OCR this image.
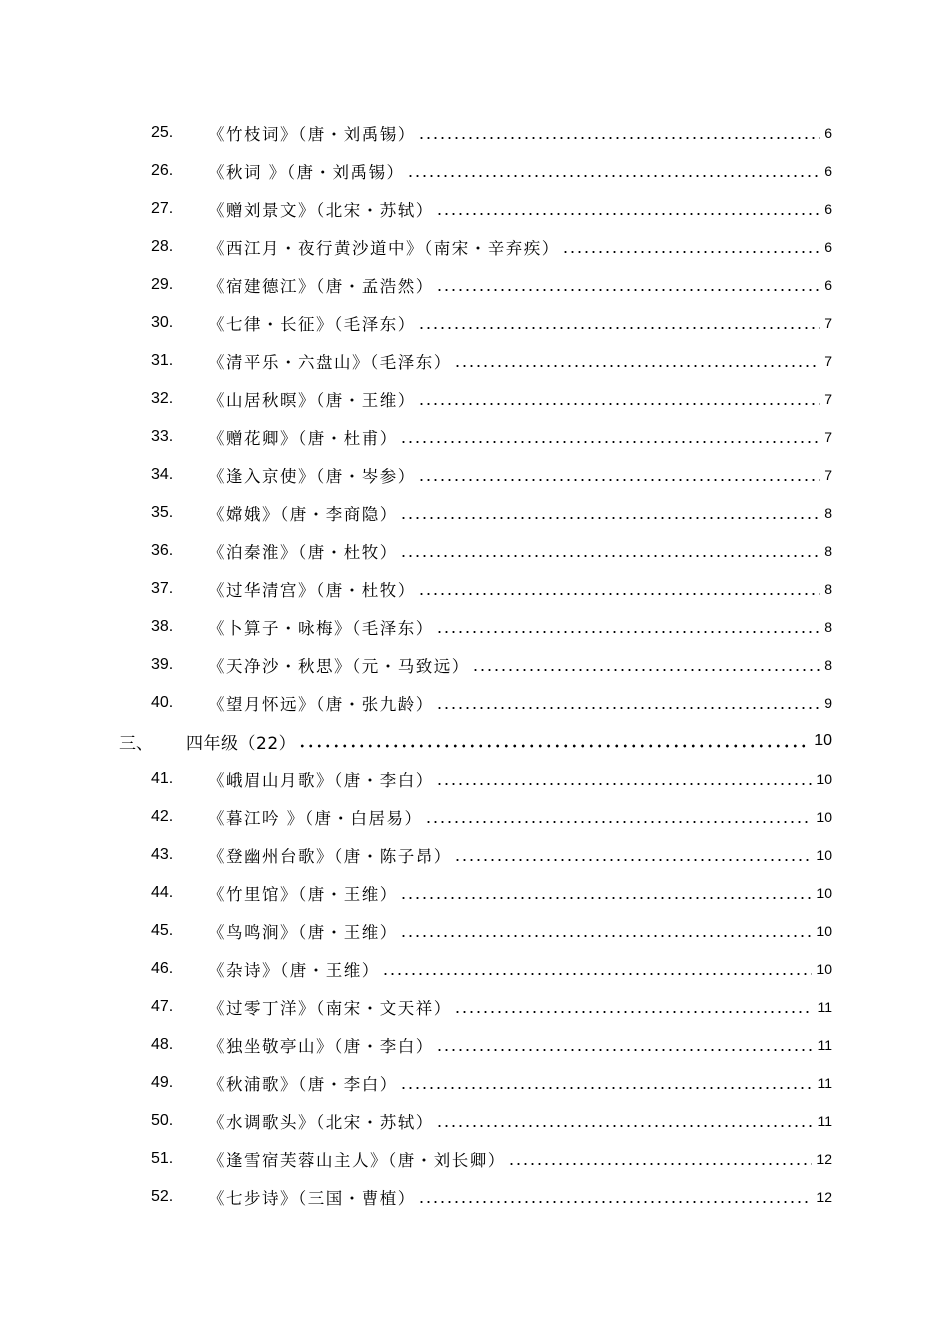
25.	《竹枝词》（唐・刘禹锡）	6
26.	《秋词 》（唐・刘禹锡）	6
27.	《赠刘景文》（北宋・苏轼）	6
28.	《西江月・夜行黄沙道中》（南宋・辛弃疾）	6
29.	《宿建德江》（唐・孟浩然）	6
30.	《七律・长征》（毛泽东）	7
31.	《清平乐・六盘山》（毛泽东）	7
32.	《山居秋暝》（唐・王维）	7
33.	《赠花卿》（唐・杜甫）	7
34.	《逢入京使》（唐・岑参）	7
35.	《嫦娥》（唐・李商隐）	8
36.	《泊秦淮》（唐・杜牧）	8
37.	《过华清宫》（唐・杜牧）	8
38.	《卜算子・咏梅》（毛泽东）	8
39.	《天净沙・秋思》（元・马致远）	8
40.	《望月怀远》（唐・张九龄）	9
三、	四年级（22）	10
41.	《峨眉山月歌》（唐・李白）	10
42.	《暮江吟 》（唐・白居易）	10
43.	《登幽州台歌》（唐・陈子昂）	10
44.	《竹里馆》（唐・王维）	10
45.	《鸟鸣涧》（唐・王维）	10
46.	《杂诗》（唐・王维）	10
47.	《过零丁洋》（南宋・文天祥）	11
48.	《独坐敬亭山》（唐・李白）	11
49.	《秋浦歌》（唐・李白）	11
50.	《水调歌头》（北宋・苏轼）	11
51.	《逢雪宿芙蓉山主人》（唐・刘长卿）	12
52.	《七步诗》（三国・曹植）	12
